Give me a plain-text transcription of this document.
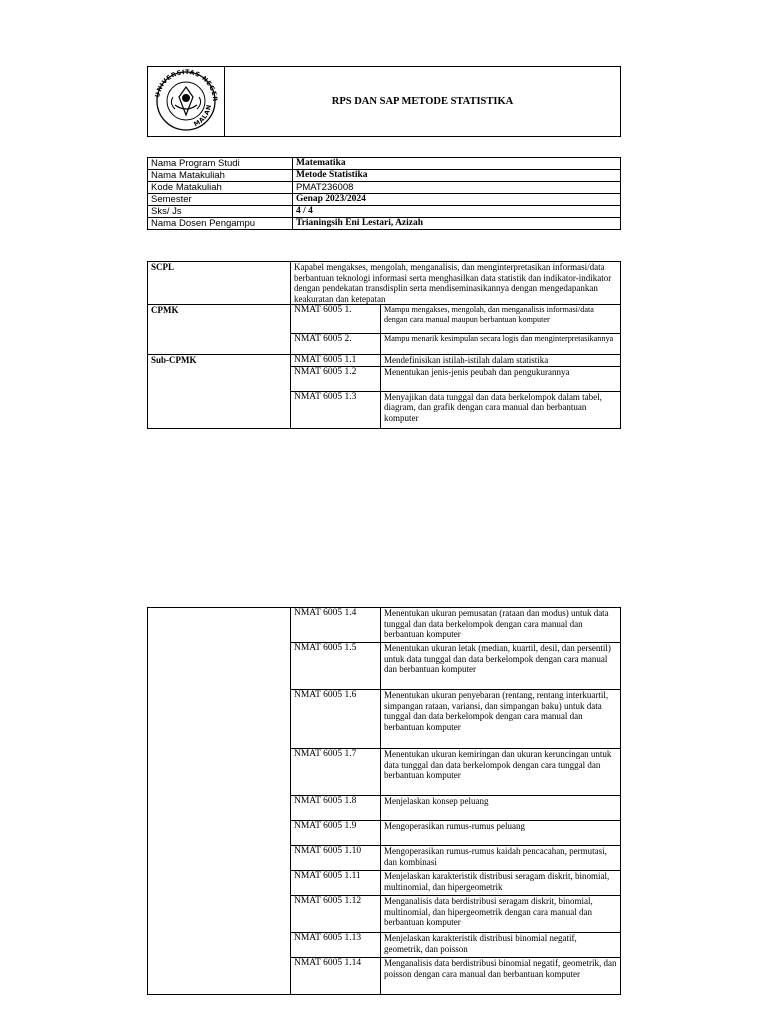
UNIVERSITAS NEGER
MALAN
	RPS DAN SAP METODE STATISTIKA
Nama Program Studi	Matematika
Nama Matakuliah	Metode Statistika
Kode Matakuliah	PMAT236008
Semester	Genap 2023/2024
Sks/ Js	4 / 4
Nama Dosen Pengampu	Trianingsih Eni Lestari, Azizah
SCPL	Kapabel mengakses, mengolah, menganalisis, dan menginterpretasikan informasi/data berbantuan teknologi informasi serta menghasilkan data statistik dan indikator-indikator dengan pendekatan transdisplin serta mendiseminasikannya dengan mengedapankan keakuratan dan ketepatan	
CPMK	NMAT 6005 1.	Mampu mengakses, mengolah, dan menganalisis informasi/data dengan cara manual maupun berbantuan komputer
	NMAT 6005 2.	Mampu menarik kesimpulan secara logis dan menginterpretasikannya
Sub-CPMK	NMAT 6005 1.1	Mendefinisikan istilah-istilah dalam statistika
	NMAT 6005 1.2	Menentukan jenis-jenis peubah dan pengukurannya
	NMAT 6005 1.3	Menyajikan data tunggal dan data berkelompok dalam tabel, diagram, dan grafik dengan cara manual dan berbantuan komputer
	NMAT 6005 1.4	Menentukan ukuran pemusatan (rataan dan modus) untuk data tunggal dan data berkelompok dengan cara manual dan berbantuan komputer
	NMAT 6005 1.5	Menentukan ukuran letak (median, kuartil, desil, dan persentil) untuk data tunggal dan data berkelompok dengan cara manual dan berbantuan komputer
	NMAT 6005 1.6	Menentukan ukuran penyebaran (rentang, rentang interkuartil, simpangan rataan, variansi, dan simpangan baku) untuk data tunggal dan data berkelompok dengan cara manual dan berbantuan komputer
	NMAT 6005 1.7	Menentukan ukuran kemiringan dan ukuran keruncingan untuk data tunggal dan data berkelompok dengan cara tunggal dan berbantuan komputer
	NMAT 6005 1.8	Menjelaskan konsep peluang
	NMAT 6005 1.9	Mengoperasikan rumus-rumus peluang
	NMAT 6005 1.10	Mengoperasikan rumus-rumus kaidah pencacahan, permutasi, dan kombinasi
	NMAT 6005 1.11	Menjelaskan karakteristik distribusi seragam diskrit, binomial, multinomial, dan hipergeometrik
	NMAT 6005 1.12	Menganalisis data berdistribusi seragam diskrit, binomial, multinomial, dan hipergeometrik dengan cara manual dan berbantuan komputer
	NMAT 6005 1.13	Menjelaskan karakteristik distribusi binomial negatif, geometrik, dan poisson
	NMAT 6005 1.14	Menganalisis data berdistribusi binomial negatif, geometrik, dan poisson dengan cara manual dan berbantuan komputer
